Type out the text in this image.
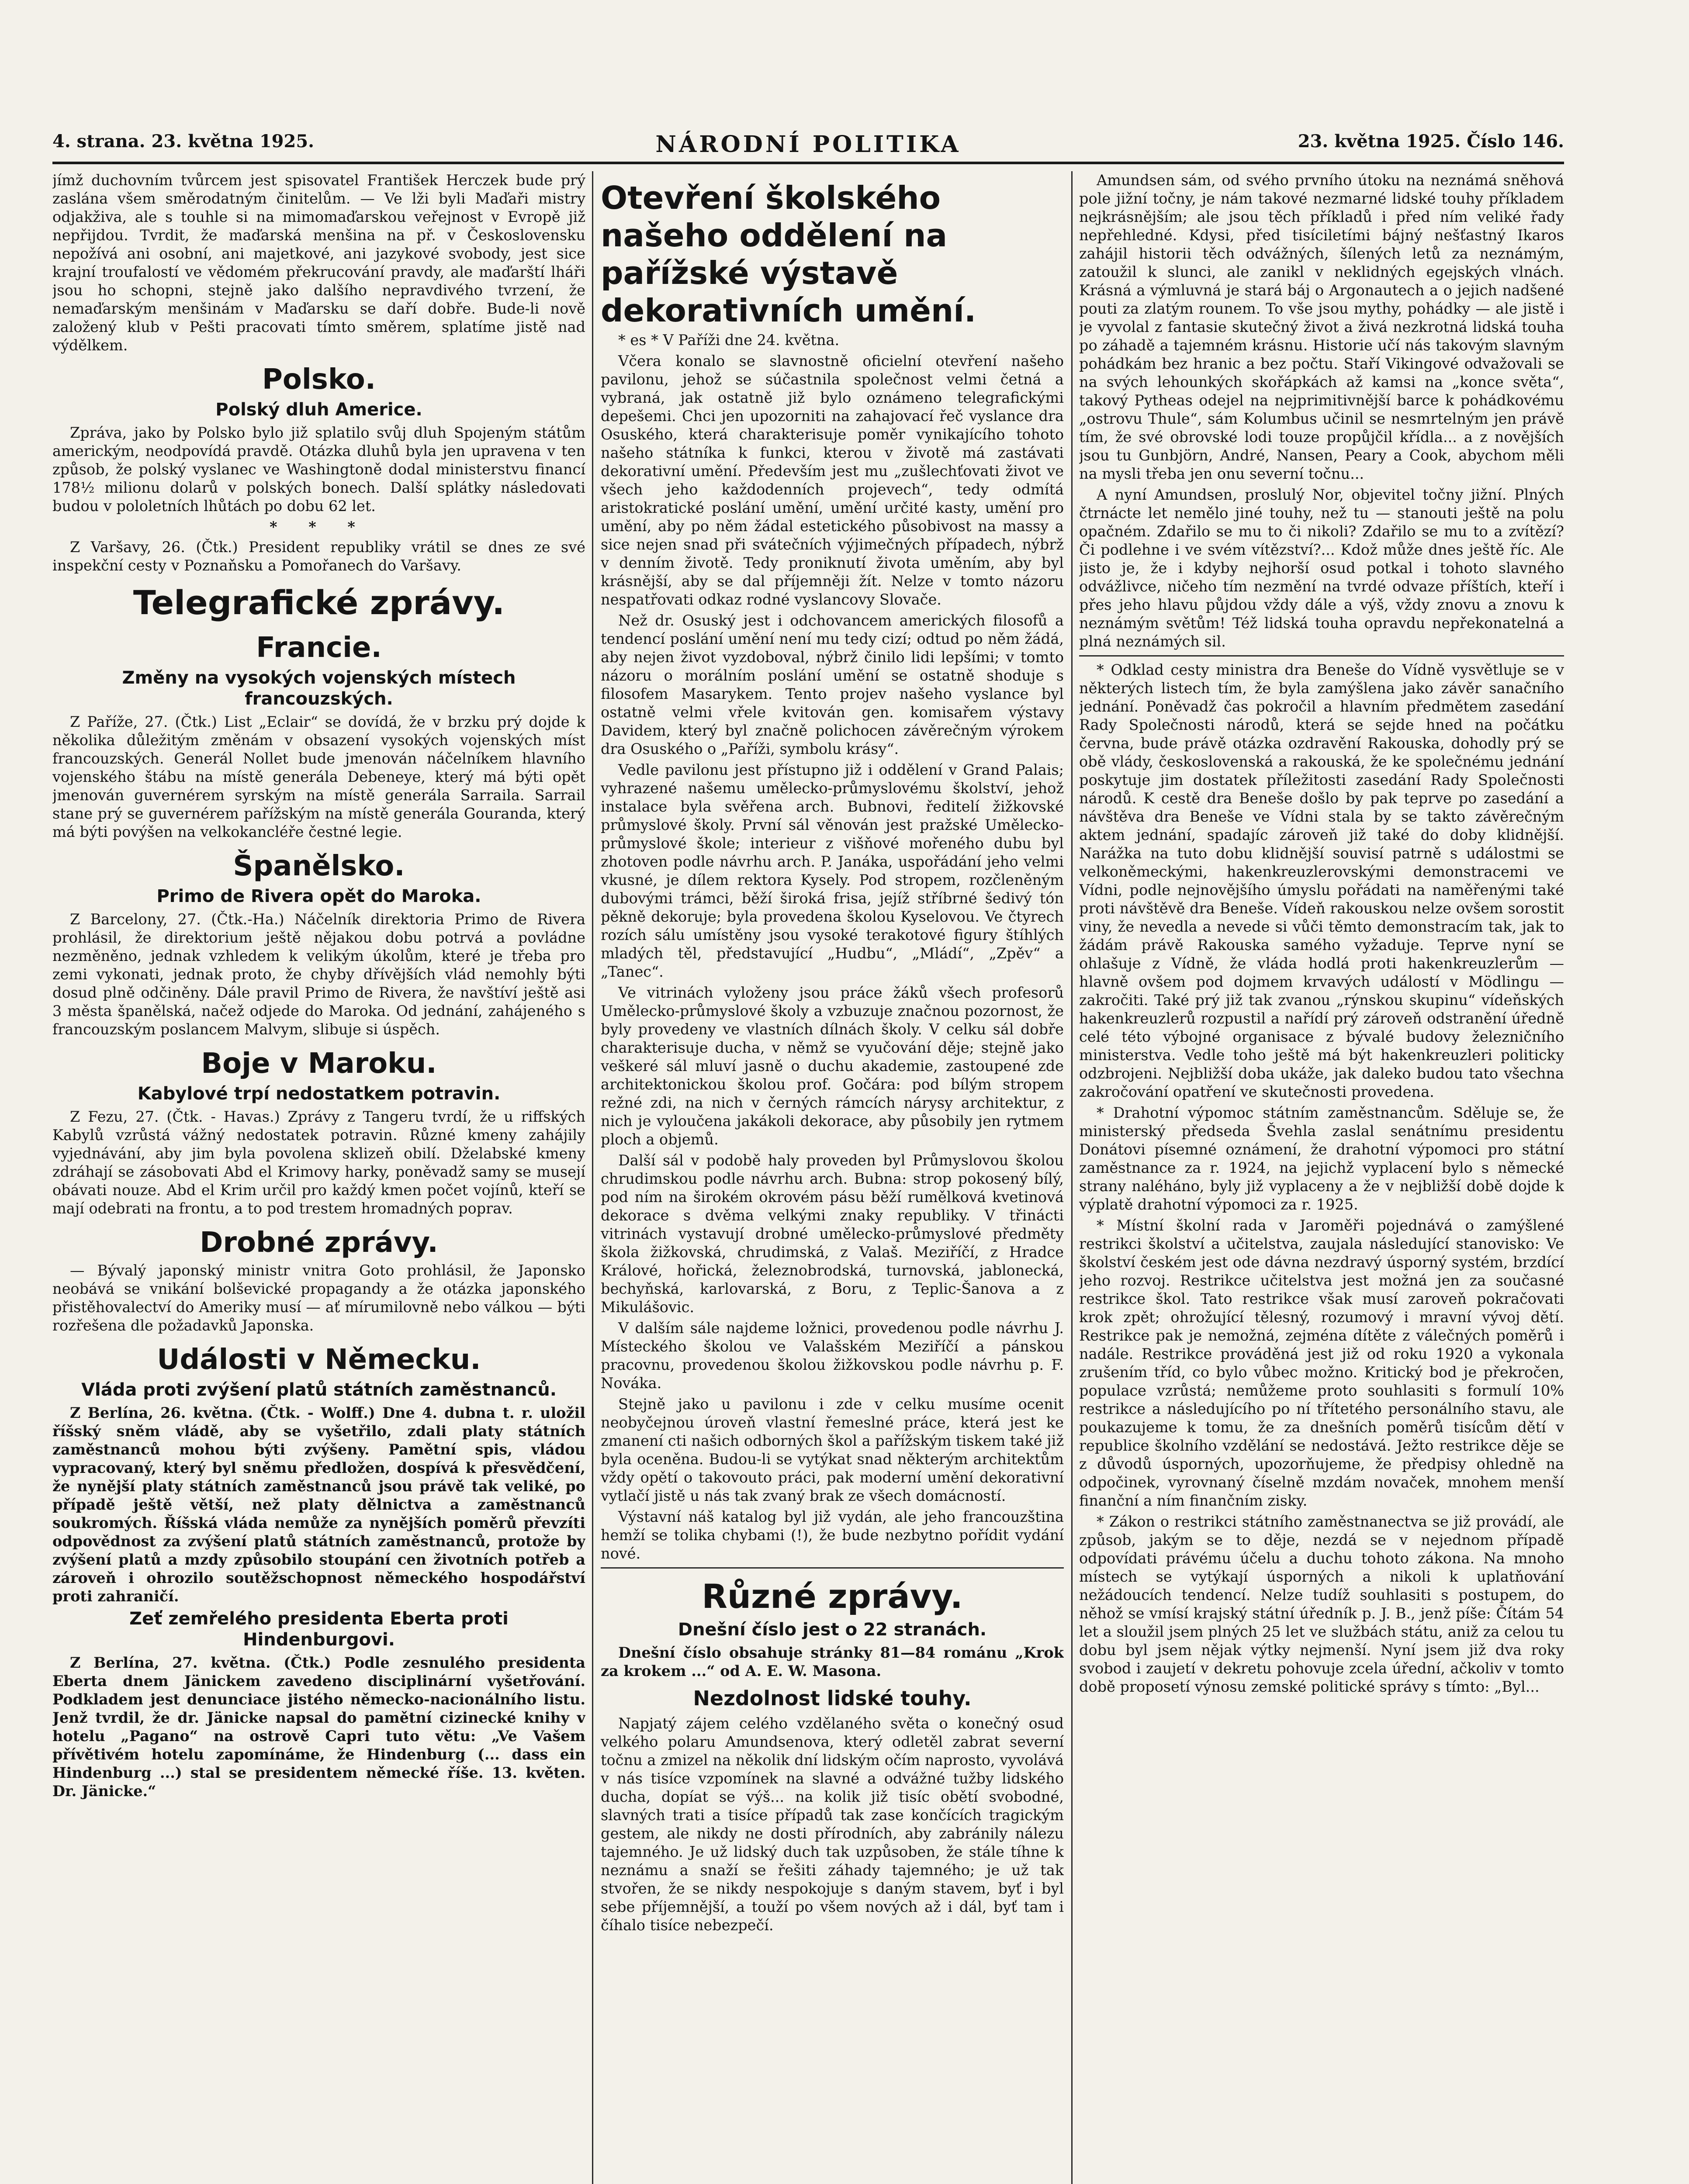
4. strana. 23. května 1925.	NÁRODNÍ POLITIKA	23. května 1925. Číslo 146.

jímž duchovním tvůrcem jest spisovatel František Herczek bude prý zaslána všem směrodatným činitelům. — Ve lži byli Maďaři mistry odjakživa, ale s touhle si na mimomaďarskou veřejnost v Evropě již nepřijdou. Tvrdit, že maďarská menšina na př. v Československu nepožívá ani osobní, ani majetkové, ani jazykové svobody, jest sice krajní troufalostí ve vědomém překrucování pravdy, ale maďarští lháři jsou ho schopni, stejně jako dalšího nepravdivého tvrzení, že nemaďarským menšinám v Maďarsku se daří dobře. Bude-li nově založený klub v Pešti pracovati tímto směrem, splatíme jistě nad výdělkem.

Polsko.
Polský dluh Americe.

Zpráva, jako by Polsko bylo již splatilo svůj dluh Spojeným státům americkým, neodpovídá pravdě. Otázka dluhů byla jen upravena v ten způsob, že polský vyslanec ve Washingtoně dodal ministerstvu financí 178½ milionu dolarů v polských bonech. Další splátky následovati budou v pololetních lhůtách po dobu 62 let.

* * *

Z Varšavy, 26. (Čtk.) President republiky vrátil se dnes ze své inspekční cesty v Poznaňsku a Pomořanech do Varšavy.

Telegrafické zprávy.
Francie.
Změny na vysokých vojenských místech francouzských.

Z Paříže, 27. (Čtk.) List „Eclair“ se dovídá, že v brzku prý dojde k několika důležitým změnám v obsazení vysokých vojenských míst francouzských. Generál Nollet bude jmenován náčelníkem hlavního vojenského štábu na místě generála Debeneye, který má býti opět jmenován guvernérem syrským na místě generála Sarraila. Sarrail stane prý se guvernérem pařížským na místě generála Gouranda, který má býti povýšen na velkokancléře čestné legie.

Španělsko.
Primo de Rivera opět do Maroka.

Z Barcelony, 27. (Čtk.-Ha.) Náčelník direktoria Primo de Rivera prohlásil, že direktorium ještě nějakou dobu potrvá a povládne nezměněno, jednak vzhledem k velikým úkolům, které je třeba pro zemi vykonati, jednak proto, že chyby dřívějších vlád nemohly býti dosud plně odčiněny. Dále pravil Primo de Rivera, že navštíví ještě asi 3 města španělská, načež odjede do Maroka. Od jednání, zahájeného s francouzským poslancem Malvym, slibuje si úspěch.

Boje v Maroku.
Kabylové trpí nedostatkem potravin.

Z Fezu, 27. (Čtk. - Havas.) Zprávy z Tangeru tvrdí, že u riffských Kabylů vzrůstá vážný nedostatek potravin. Různé kmeny zahájily vyjednávání, aby jim byla povolena sklizeň obilí. Dželabské kmeny zdráhají se zásobovati Abd el Krimovy harky, poněvadž samy se musejí obávati nouze. Abd el Krim určil pro každý kmen počet vojínů, kteří se mají odebrati na frontu, a to pod trestem hromadných poprav.

Drobné zprávy.

— Bývalý japonský ministr vnitra Goto prohlásil, že Japonsko neobává se vnikání bolševické propagandy a že otázka japonského přistěhovalectví do Ameriky musí — ať mírumilovně nebo válkou — býti rozřešena dle požadavků Japonska.

Události v Německu.
Vláda proti zvýšení platů státních zaměstnanců.

Z Berlína, 26. května. (Čtk. - Wolff.) Dne 4. dubna t. r. uložil říšský sněm vládě, aby se vyšetřilo, zdali platy státních zaměstnanců mohou býti zvýšeny. Pamětní spis, vládou vypracovaný, který byl sněmu předložen, dospívá k přesvědčení, že nynější platy státních zaměstnanců jsou právě tak veliké, po případě ještě větší, než platy dělnictva a zaměstnanců soukromých. Říšská vláda nemůže za nynějších poměrů převzíti odpovědnost za zvýšení platů státních zaměstnanců, protože by zvýšení platů a mzdy způsobilo stoupání cen životních potřeb a zároveň i ohrozilo soutěžschopnost německého hospodářství proti zahraničí.

Zeť zemřelého presidenta Eberta proti Hindenburgovi.

Z Berlína, 27. května. (Čtk.) Podle zesnulého presidenta Eberta dnem Jänickem zavedeno disciplinární vyšetřování. Podkladem jest denunciace jistého německo-nacionálního listu. Jenž tvrdil, že dr. Jänicke napsal do pamětní cizinecké knihy v hotelu „Pagano“ na ostrově Capri tuto větu: „Ve Vašem přívětivém hotelu zapomínáme, že Hindenburg (... dass ein Hindenburg ...) stal se presidentem německé říše. 13. květen. Dr. Jänicke.“

Otevření školského našeho oddělení na pařížské výstavě dekorativních umění.

* es * V Paříži dne 24. května.

Včera konalo se slavnostně oficielní otevření našeho pavilonu, jehož se súčastnila společnost velmi četná a vybraná, jak ostatně již bylo oznámeno telegrafickými depešemi. Chci jen upozorniti na zahajovací řeč vyslance dra Osuského, která charakterisuje poměr vynikajícího tohoto našeho státníka k funkci, kterou v životě má zastávati dekorativní umění. Především jest mu „zušlechťovati život ve všech jeho každodenních projevech“, tedy odmítá aristokratické poslání umění, umění určité kasty, umění pro umění, aby po něm žádal estetického působivost na massy a sice nejen snad při svátečních výjimečných případech, nýbrž v denním životě. Tedy proniknutí života uměním, aby byl krásnější, aby se dal příjemněji žít. Nelze v tomto názoru nespatřovati odkaz rodné vyslancovy Slovače.

Než dr. Osuský jest i odchovancem amerických filosofů a tendencí poslání umění není mu tedy cizí; odtud po něm žádá, aby nejen život vyzdoboval, nýbrž činilo lidi lepšími; v tomto názoru o morálním poslání umění se ostatně shoduje s filosofem Masarykem. Tento projev našeho vyslance byl ostatně velmi vřele kvitován gen. komisařem výstavy Davidem, který byl značně polichocen závěrečným výrokem dra Osuského o „Paříži, symbolu krásy“.

Vedle pavilonu jest přístupno již i oddělení v Grand Palais; vyhrazené našemu umělecko-průmyslovému školství, jehož instalace byla svěřena arch. Bubnovi, ředitelí žižkovské průmyslové školy. První sál věnován jest pražské Umělecko-průmyslové škole; interieur z višňové mořeného dubu byl zhotoven podle návrhu arch. P. Janáka, uspořádání jeho velmi vkusné, je dílem rektora Kysely. Pod stropem, rozčleněným dubovými trámci, běží široká frisa, jejíž stříbrné šedivý tón pěkně dekoruje; byla provedena školou Kyselovou. Ve čtyrech rozích sálu umístěny jsou vysoké terakotové figury štíhlých mladých těl, představující „Hudbu“, „Mládí“, „Zpěv“ a „Tanec“.

Ve vitrinách vyloženy jsou práce žáků všech profesorů Umělecko-průmyslové školy a vzbuzuje značnou pozornost, že byly provedeny ve vlastních dílnách školy. V celku sál dobře charakterisuje ducha, v němž se vyučování děje; stejně jako veškeré sál mluví jasně o duchu akademie, zastoupené zde architektonickou školou prof. Gočára: pod bílým stropem režné zdi, na nich v černých rámcích nárysy architektur, z nich je vyloučena jakákoli dekorace, aby působily jen rytmem ploch a objemů.

Další sál v podobě haly proveden byl Průmyslovou školou chrudimskou podle návrhu arch. Bubna: strop pokosený bílý, pod ním na širokém okrovém pásu běží rumělková kvetinová dekorace s dvěma velkými znaky republiky. V třinácti vitrinách vystavují drobné umělecko-průmyslové předměty škola žižkovská, chrudimská, z Valaš. Meziříčí, z Hradce Králové, hořická, železnobrodská, turnovská, jablonecká, bechyňská, karlovarská, z Boru, z Teplic-Šanova a z Mikulášovic.

V dalším sále najdeme ložnici, provedenou podle návrhu J. Místeckého školou ve Valašském Meziříčí a pánskou pracovnu, provedenou školou žižkovskou podle návrhu p. F. Nováka.

Stejně jako u pavilonu i zde v celku musíme ocenit neobyčejnou úroveň vlastní řemeslné práce, která jest ke zmanení cti našich odborných škol a pařížským tiskem také již byla oceněna. Budou-li se vytýkat snad některým architektům vždy opětí o takovouto práci, pak moderní umění dekorativní vytlačí jistě u nás tak zvaný brak ze všech domácností.

Výstavní náš katalog byl již vydán, ale jeho francouzština hemží se tolika chybami (!), že bude nezbytno pořídit vydání nové.

Různé zprávy.
Dnešní číslo jest o 22 stranách.

Dnešní číslo obsahuje stránky 81—84 románu „Krok za krokem ...“ od A. E. W. Masona.

Nezdolnost lidské touhy.

Napjatý zájem celého vzdělaného světa o konečný osud velkého polaru Amundsenova, který odletěl zabrat severní točnu a zmizel na několik dní lidským očím naprosto, vyvolává v nás tisíce vzpomínek na slavné a odvážné tužby lidského ducha, dopíat se výš... na kolik již tisíc obětí svobodné, slavných trati a tisíce případů tak zase končících tragickým gestem, ale nikdy ne dosti přírodních, aby zabránily nálezu tajemného. Je už lidský duch tak uzpůsoben, že stále tíhne k neznámu a snaží se řešiti záhady tajemného; je už tak stvořen, že se nikdy nespokojuje s daným stavem, byť i byl sebe příjemnější, a touží po všem nových až i dál, byť tam i číhalo tisíce nebezpečí.

Amundsen sám, od svého prvního útoku na neznámá sněhová pole jižní točny, je nám takové nezmarné lidské touhy příkladem nejkrásnějším; ale jsou těch příkladů i před ním veliké řady nepřehledné. Kdysi, před tisíciletími bájný nešťastný Ikaros zahájil historii těch odvážných, šílených letů za neznámým, zatoužil k slunci, ale zanikl v neklidných egejských vlnách. Krásná a výmluvná je stará báj o Argonautech a o jejich nadšené pouti za zlatým rounem. To vše jsou mythy, pohádky — ale jistě i je vyvolal z fantasie skutečný život a živá nezkrotná lidská touha po záhadě a tajemném krásnu. Historie učí nás takovým slavným pohádkám bez hranic a bez počtu. Staří Vikingové odvažovali se na svých lehounkých skořápkách až kamsi na „konce světa“, takový Pytheas odejel na nejprimitivnější barce k pohádkovému „ostrovu Thule“, sám Kolumbus učinil se nesmrtelným jen právě tím, že své obrovské lodi touze propůjčil křídla... a z novějších jsou tu Gunbjörn, André, Nansen, Peary a Cook, abychom měli na mysli třeba jen onu severní točnu...

A nyní Amundsen, proslulý Nor, objevitel točny jižní. Plných čtrnácte let nemělo jiné touhy, než tu — stanouti ještě na polu opačném. Zdařilo se mu to či nikoli? Zdařilo se mu to a zvítězí? Či podlehne i ve svém vítězství?... Kdož může dnes ještě říc. Ale jisto je, že i kdyby nejhorší osud potkal i tohoto slavného odvážlivce, ničeho tím nezmění na tvrdé odvaze příštích, kteří i přes jeho hlavu půjdou vždy dále a výš, vždy znovu a znovu k neznámým světům! Též lidská touha opravdu nepřekonatelná a plná neznámých sil.

* Odklad cesty ministra dra Beneše do Vídně vysvětluje se v některých listech tím, že byla zamýšlena jako závěr sanačního jednání. Poněvadž čas pokročil a hlavním předmětem zasedání Rady Společnosti národů, která se sejde hned na počátku června, bude právě otázka ozdravění Rakouska, dohodly prý se obě vlády, československá a rakouská, že ke společnému jednání poskytuje jim dostatek příležitosti zasedání Rady Společnosti národů. K cestě dra Beneše došlo by pak teprve po zasedání a návštěva dra Beneše ve Vídni stala by se takto závěrečným aktem jednání, spadajíc zároveň již také do doby klidnější. Narážka na tuto dobu klidnější souvisí patrně s událostmi se velkoněmeckými, hakenkreuzlerovskými demonstracemi ve Vídni, podle nejnovějšího úmyslu pořádati na naměřenými také proti návštěvě dra Beneše. Vídeň rakouskou nelze ovšem sorostit viny, že nevedla a nevede si vůči těmto demonstracím tak, jak to žádám právě Rakouska samého vyžaduje. Teprve nyní se ohlašuje z Vídně, že vláda hodlá proti hakenkreuzlerům — hlavně ovšem pod dojmem krvavých událostí v Mödlingu — zakročiti. Také prý již tak zvanou „rýnskou skupinu“ vídeňských hakenkreuzlerů rozpustil a nařídí prý zároveň odstranění úředně celé této výbojné organisace z bývalé budovy železničního ministerstva. Vedle toho ještě má být hakenkreuzleri politicky odzbrojeni. Nejbližší doba ukáže, jak daleko budou tato všechna zakročování opatření ve skutečnosti provedena.

* Drahotní výpomoc státním zaměstnancům. Sděluje se, že ministerský předseda Švehla zaslal senátnímu presidentu Donátovi písemné oznámení, že drahotní výpomoci pro státní zaměstnance za r. 1924, na jejichž vyplacení bylo s německé strany naléháno, byly již vyplaceny a že v nejbližší době dojde k výplatě drahotní výpomoci za r. 1925.

* Místní školní rada v Jaroměři pojednává o zamýšlené restrikci školství a učitelstva, zaujala následující stanovisko: Ve školství českém jest ode dávna nezdravý úsporný systém, brzdící jeho rozvoj. Restrikce učitelstva jest možná jen za současné restrikce škol. Tato restrikce však musí zaroveň pokračovati krok zpět; ohrožující tělesný, rozumový i mravní vývoj dětí. Restrikce pak je nemožná, zejména dítěte z válečných poměrů i nadále. Restrikce prováděná jest již od roku 1920 a vykonala zrušením tříd, co bylo vůbec možno. Kritický bod je překročen, populace vzrůstá; nemůžeme proto souhlasiti s formulí 10% restrikce a následujícího po ní třítetého personálního stavu, ale poukazujeme k tomu, že za dnešních poměrů tisícům dětí v republice školního vzdělání se nedostává. Ježto restrikce děje se z důvodů úsporných, upozorňujeme, že předpisy ohledně na odpočinek, vyrovnaný číselně mzdám novaček, mnohem menší finanční a ním finančním zisky.

* Zákon o restrikci státního zaměstnanectva se již provádí, ale způsob, jakým se to děje, nezdá se v nejednom případě odpovídati právému účelu a duchu tohoto zákona. Na mnoho místech se vytýkají úsporných a nikoli k uplatňování nežádoucích tendencí. Nelze tudíž souhlasiti s postupem, do něhož se vmísí krajský státní úředník p. J. B., jenž píše: Čítám 54 let a sloužil jsem plných 25 let ve službách státu, aniž za celou tu dobu byl jsem nějak výtky nejmenší. Nyní jsem již dva roky svobod i zaujetí v dekretu pohovuje zcela úřední, ačkoliv v tomto době proposetí výnosu zemské politické správy s tímto: „Byl...
